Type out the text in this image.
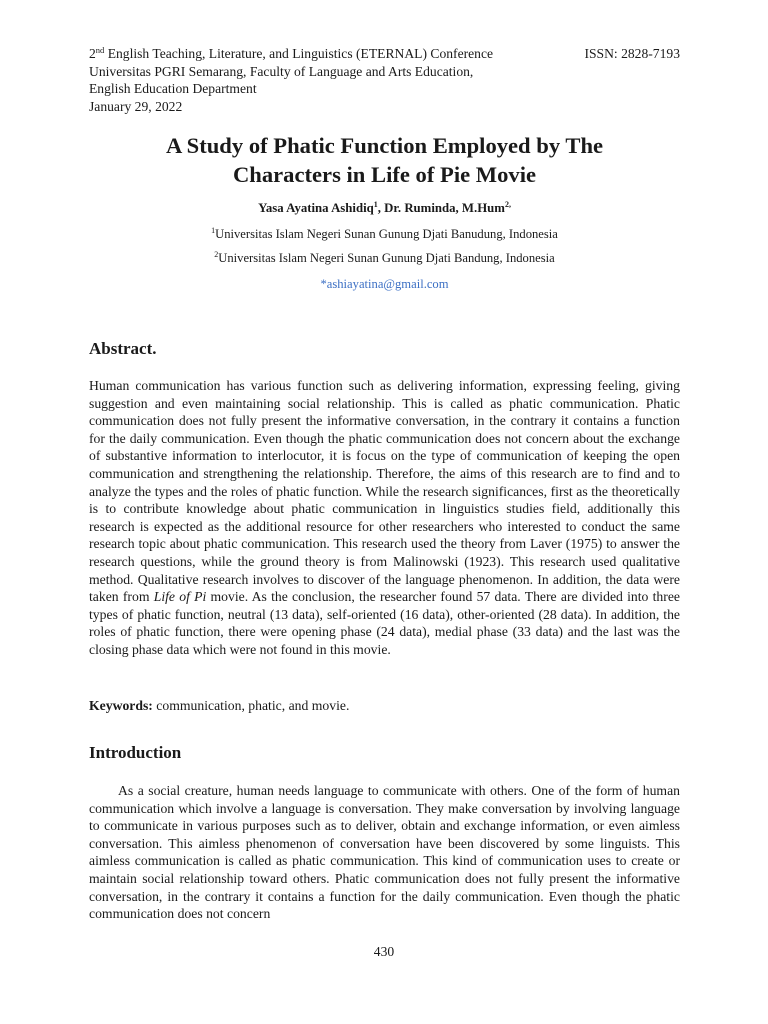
2nd English Teaching, Literature, and Linguistics (ETERNAL) Conference
Universitas PGRI Semarang, Faculty of Language and Arts Education,
English Education Department
January 29, 2022
ISSN: 2828-7193
A Study of Phatic Function Employed by The
Characters in Life of Pie Movie
Yasa Ayatina Ashidiq$^1$, Dr. Ruminda, M.Hum$^{2,}$
$^1$Universitas Islam Negeri Sunan Gunung Djati Banudung, Indonesia
$^2$Universitas Islam Negeri Sunan Gunung Djati Bandung, Indonesia
*ashiayatina@gmail.com
Abstract.
Human communication has various function such as delivering information, expressing feeling, giving suggestion and even maintaining social relationship. This is called as phatic communication. Phatic communication does not fully present the informative conversation, in the contrary it contains a function for the daily communication. Even though the phatic communication does not concern about the exchange of substantive information to interlocutor, it is focus on the type of communication of keeping the open communication and strengthening the relationship. Therefore, the aims of this research are to find and to analyze the types and the roles of phatic function. While the research significances, first as the theoretically is to contribute knowledge about phatic communication in linguistics studies field, additionally this research is expected as the additional resource for other researchers who interested to conduct the same research topic about phatic communication. This research used the theory from Laver (1975) to answer the research questions, while the ground theory is from Malinowski (1923). This research used qualitative method. Qualitative research involves to discover of the language phenomenon. In addition, the data were taken from Life of Pi movie. As the conclusion, the researcher found 57 data. There are divided into three types of phatic function, neutral (13 data), self-oriented (16 data), other-oriented (28 data). In addition, the roles of phatic function, there were opening phase (24 data), medial phase (33 data) and the last was the closing phase data which were not found in this movie.
Keywords: communication, phatic, and movie.
Introduction
As a social creature, human needs language to communicate with others. One of the form of human communication which involve a language is conversation. They make conversation by involving language to communicate in various purposes such as to deliver, obtain and exchange information, or even aimless conversation. This aimless phenomenon of conversation have been discovered by some linguists. This aimless communication is called as phatic communication. This kind of communication uses to create or maintain social relationship toward others. Phatic communication does not fully present the informative conversation, in the contrary it contains a function for the daily communication. Even though the phatic communication does not concern
430
